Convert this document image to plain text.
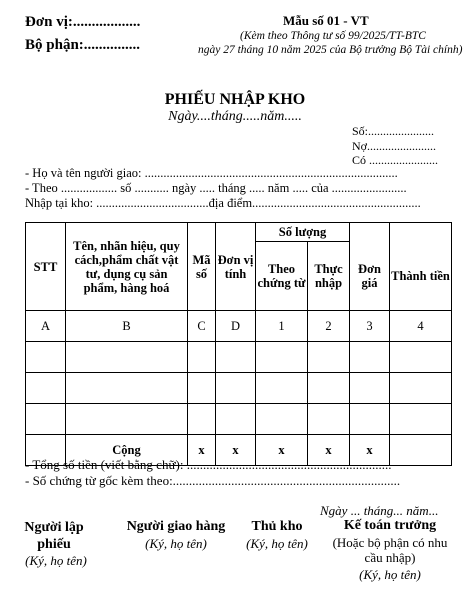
Đơn vị:..................
Bộ phận:...............
Mẫu số 01 - VT
(Kèm theo Thông tư số 99/2025/TT-BTC
ngày 27 tháng 10 năm 2025 của Bộ trưởng Bộ Tài chính)
PHIẾU NHẬP KHO
Ngày....tháng.....năm.....
Số:......................
Nợ.......................
Có .......................
- Họ và tên người giao: .................................................................................
- Theo .................. số ........... ngày ..... tháng ..... năm ..... của ........................
Nhập tại kho: ....................................địa điểm......................................................
STT	Tên, nhãn hiệu, quy cách,phẩm chất vật tư, dụng cụ sản phẩm, hàng hoá	Mã số	Đơn vị tính	Số lượng			
				Theo chứng từ	Thực nhập	Đơn giá	Thành tiền
A	B	C	D	1	2	3	4

	Cộng	x	x	x	x	x	
- Tổng số tiền (viết bằng chữ): ...............................................................
- Số chứng từ gốc kèm theo:......................................................................
Ngày ... tháng... năm...
Người lập phiếu
(Ký, họ tên)
Người giao hàng
(Ký, họ tên)
Thủ kho
(Ký, họ tên)
Kế toán trưởng
(Hoặc bộ phận có nhu cầu nhập)
(Ký, họ tên)
